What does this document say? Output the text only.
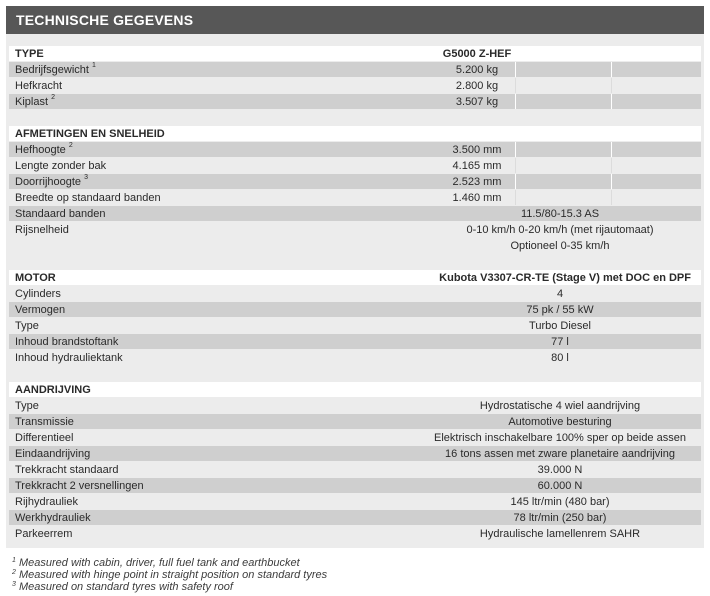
TECHNISCHE GEGEVENS
TYPE	G5000 Z-HEF
Bedrijfsgewicht $^1$	5.200 kg
Hefkracht	2.800 kg
Kiplast $^2$	3.507 kg
AFMETINGEN EN SNELHEID
Hefhoogte $^2$	3.500 mm
Lengte zonder bak	4.165 mm
Doorrijhoogte $^3$	2.523 mm
Breedte op standaard banden	1.460 mm
Standaard banden	11.5/80-15.3 AS
Rijsnelheid	0-10 km/h 0-20 km/h (met rijautomaat)
Optioneel 0-35 km/h
MOTOR	Kubota V3307-CR-TE (Stage V) met DOC en DPF
Cylinders	4
Vermogen	75 pk / 55 kW
Type	Turbo Diesel
Inhoud brandstoftank	77 l
Inhoud hydrauliektank	80 l
AANDRIJVING
Type	Hydrostatische 4 wiel aandrijving
Transmissie	Automotive besturing
Differentieel	Elektrisch inschakelbare 100% sper op beide assen
Eindaandrijving	16 tons assen met zware planetaire aandrijving
Trekkracht standaard	39.000 N
Trekkracht 2 versnellingen	60.000 N
Rijhydrauliek	145 ltr/min (480 bar)
Werkhydrauliek	78 ltr/min (250 bar)
Parkeerrem	Hydraulische lamellenrem SAHR
$^1$ Measured with cabin, driver, full fuel tank and earthbucket
$^2$ Measured with hinge point in straight position on standard tyres
$^3$ Measured on standard tyres with safety roof
